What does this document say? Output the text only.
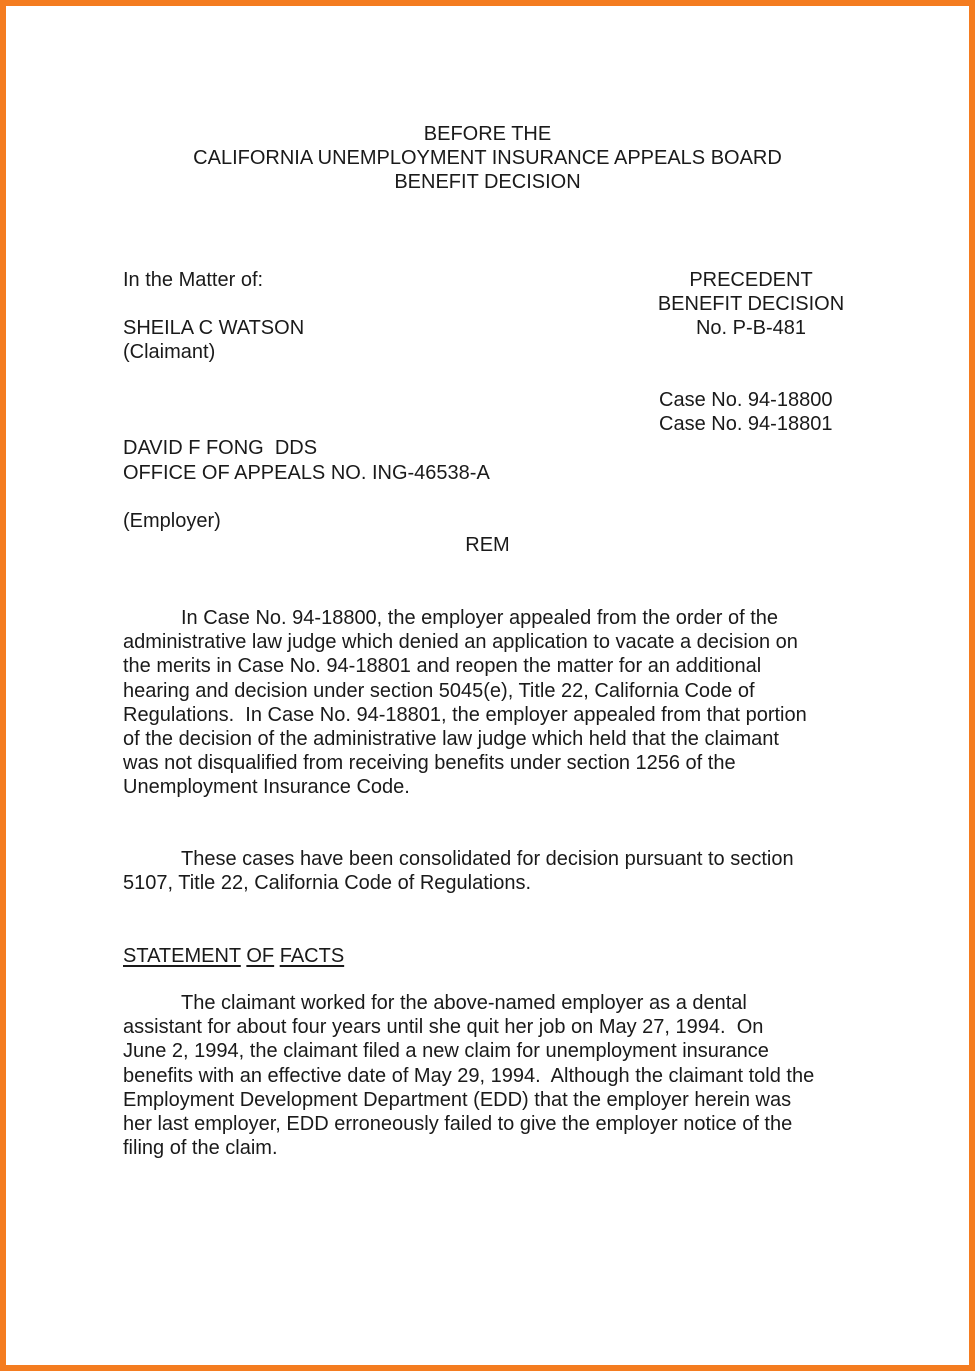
BEFORE THE
CALIFORNIA UNEMPLOYMENT INSURANCE APPEALS BOARD
BENEFIT DECISION
In the Matter of:
SHEILA C WATSON
(Claimant)

DAVID F FONG  DDS

(Employer)

OFFICE OF APPEALS NO. ING-46538-A
PRECEDENT
BENEFIT DECISION
No. P-B-481
Case No. 94-18800
Case No. 94-18801
REM
In Case No. 94-18800, the employer appealed from the order of the
administrative law judge which denied an application to vacate a decision on
the merits in Case No. 94-18801 and reopen the matter for an additional
hearing and decision under section 5045(e), Title 22, California Code of
Regulations.  In Case No. 94-18801, the employer appealed from that portion
of the decision of the administrative law judge which held that the claimant
was not disqualified from receiving benefits under section 1256 of the
Unemployment Insurance Code.
These cases have been consolidated for decision pursuant to section
5107, Title 22, California Code of Regulations.
STATEMENT OF FACTS
The claimant worked for the above-named employer as a dental
assistant for about four years until she quit her job on May 27, 1994.  On
June 2, 1994, the claimant filed a new claim for unemployment insurance
benefits with an effective date of May 29, 1994.  Although the claimant told the
Employment Development Department (EDD) that the employer herein was
her last employer, EDD erroneously failed to give the employer notice of the
filing of the claim.
